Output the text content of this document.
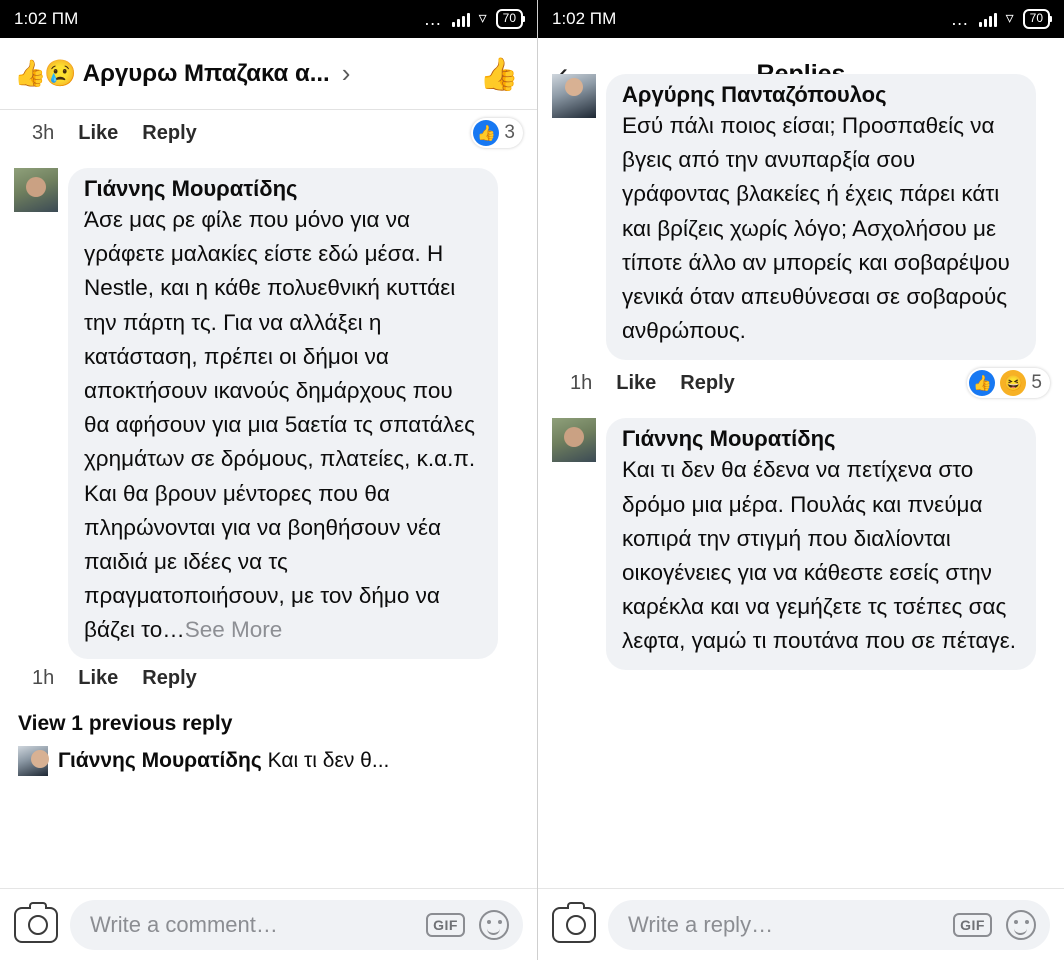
1:02 ΠΜ	… ▿	70
👍😢 Αργυρω Μπαζακα α... ›	👍
3h Like Reply	👍 3
Γιάννης Μουρατίδης
Άσε μας ρε φίλε που μόνο για να γράφετε μαλακίες είστε εδώ μέσα. Η Nestle, και η κάθε πολυεθνική κυττάει την πάρτη τς. Για να αλλάξει η κατάσταση, πρέπει οι δήμοι να αποκτήσουν ικανούς δημάρχους που θα αφήσουν για μια 5αετία τς σπατάλες χρημάτων σε δρόμους, πλατείες, κ.α.π. Και θα βρουν μέντορες που θα πληρώνονται για να βοηθήσουν νέα παιδιά με ιδέες να τς πραγματοποιήσουν, με τον δήμο να βάζει το…See More
1h Like Reply
View 1 previous reply
Γιάννης Μουρατίδης Και τι δεν θ...
Write a comment…	GIF
1:02 ΠΜ	… ▿	70
Αργύρης Πανταζόπουλος
Εσύ πάλι ποιος είσαι; Προσπαθείς να βγεις από την ανυπαρξία σου γράφοντας βλακείες ή έχεις πάρει κάτι και βρίζεις χωρίς λόγο; Ασχολήσου με τίποτε άλλο αν μπορείς και σοβαρέψου γενικά όταν απευθύνεσαι σε σοβαρούς ανθρώπους.
1h Like Reply	👍 😆 5
Γιάννης Μουρατίδης
Και τι δεν θα έδενα να πετίχενα στο δρόμο μια μέρα. Πουλάς και πνεύμα κοπιρά την στιγμή που διαλίονται οικογένειες για να κάθεστε εσείς στην καρέκλα και να γεμήζετε τς τσέπες σας λεφτα, γαμώ τι πουτάνα που σε πέταγε.
Write a reply…	GIF
